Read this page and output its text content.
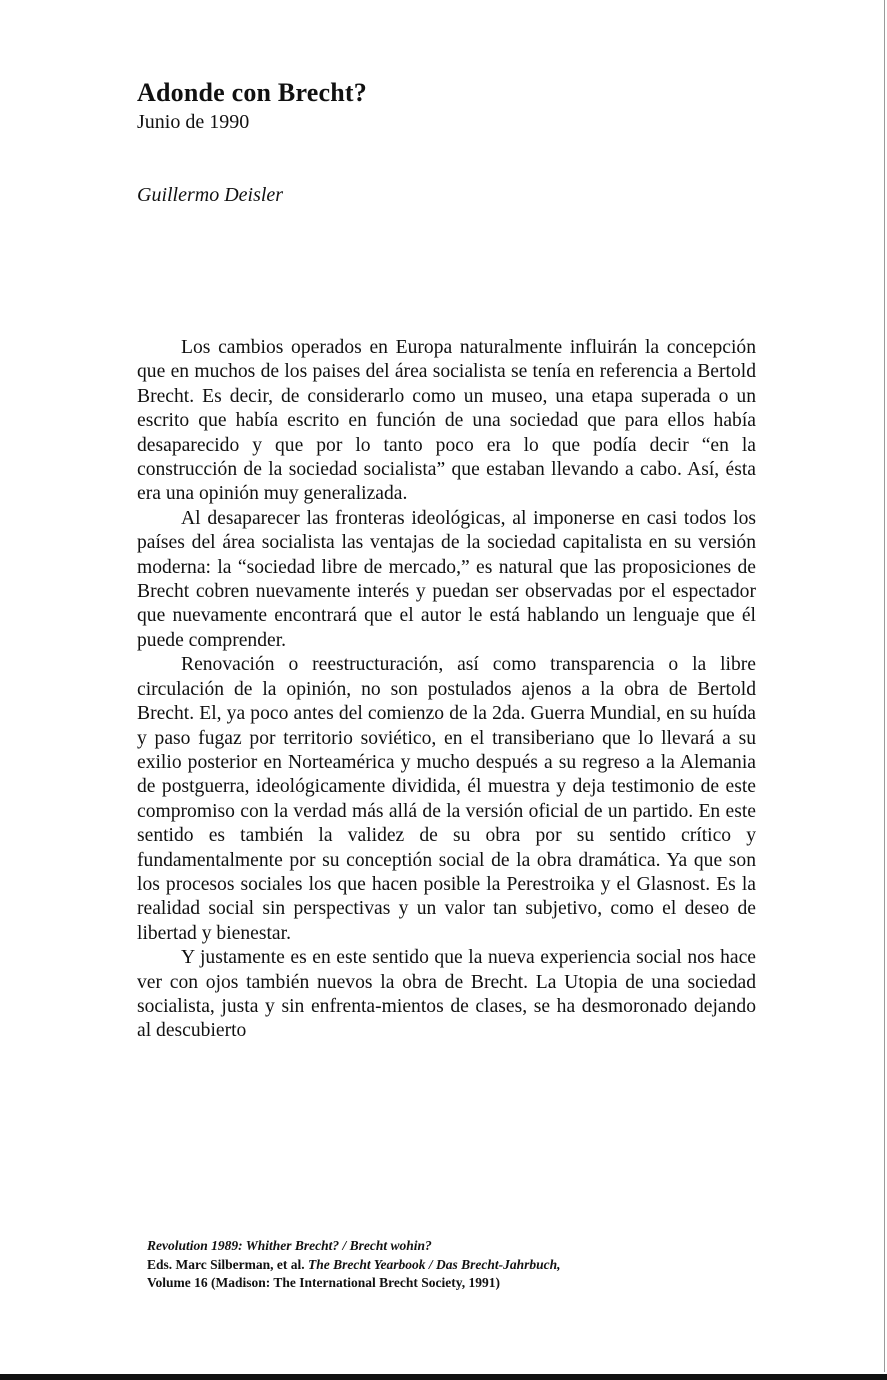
Adonde con Brecht?
Junio de 1990
Guillermo Deisler

Los cambios operados en Europa naturalmente influirán la concepción que en muchos de los paises del área socialista se tenía en referencia a Bertold Brecht. Es decir, de considerarlo como un museo, una etapa superada o un escrito que había escrito en función de una sociedad que para ellos había desaparecido y que por lo tanto poco era lo que podía decir “en la construcción de la sociedad socialista” que estaban llevando a cabo. Así, ésta era una opinión muy generalizada.

Al desaparecer las fronteras ideológicas, al imponerse en casi todos los países del área socialista las ventajas de la sociedad capitalista en su versión moderna: la “sociedad libre de mercado,” es natural que las proposiciones de Brecht cobren nuevamente interés y puedan ser observadas por el espectador que nuevamente encontrará que el autor le está hablando un lenguaje que él puede comprender.

Renovación o reestructuración, así como transparencia o la libre circulación de la opinión, no son postulados ajenos a la obra de Bertold Brecht. El, ya poco antes del comienzo de la 2da. Guerra Mundial, en su huída y paso fugaz por territorio soviético, en el transiberiano que lo llevará a su exilio posterior en Norteamérica y mucho después a su regreso a la Alemania de postguerra, ideológicamente dividida, él muestra y deja testimonio de este compromiso con la verdad más allá de la versión oficial de un partido. En este sentido es también la validez de su obra por su sentido crítico y fundamentalmente por su conceptión social de la obra dramática. Ya que son los procesos sociales los que hacen posible la Perestroika y el Glasnost. Es la realidad social sin perspectivas y un valor tan subjetivo, como el deseo de libertad y bienestar.

Y justamente es en este sentido que la nueva experiencia social nos hace ver con ojos también nuevos la obra de Brecht. La Utopia de una sociedad socialista, justa y sin enfrenta-mientos de clases, se ha desmoronado dejando al descubierto

Revolution 1989: Whither Brecht? / Brecht wohin?
Eds. Marc Silberman, et al. The Brecht Yearbook / Das Brecht-Jahrbuch,
Volume 16 (Madison: The International Brecht Society, 1991)
